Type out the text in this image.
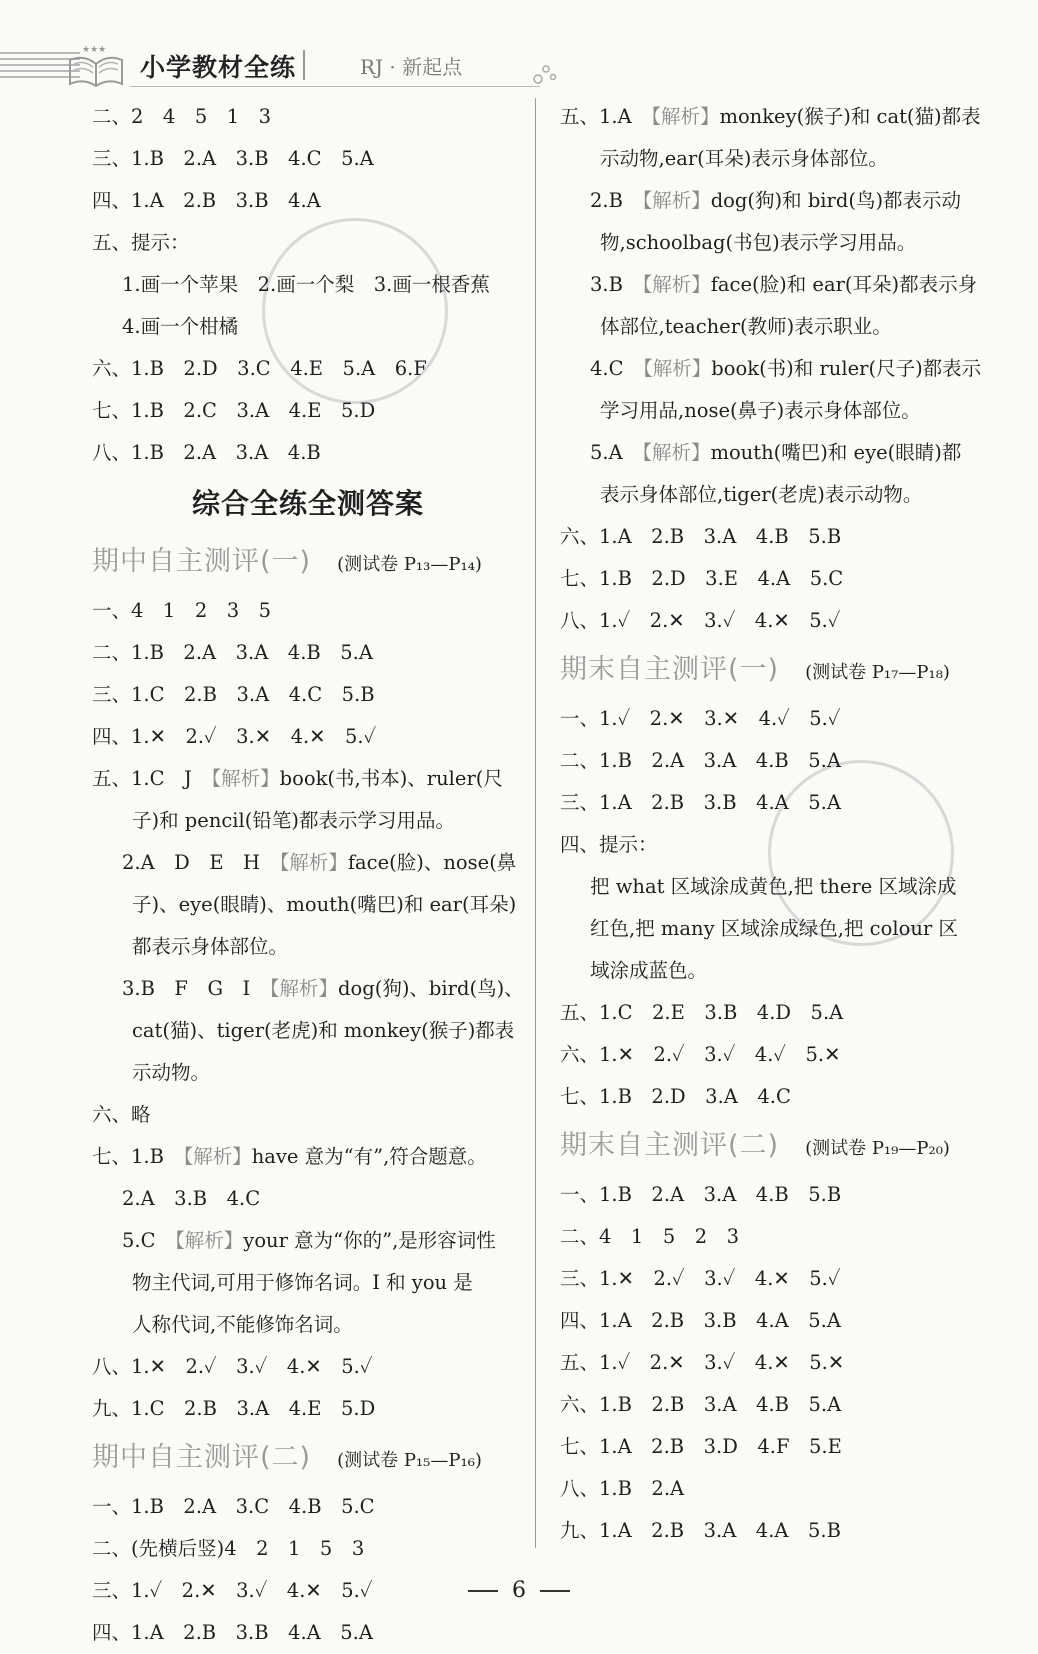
★★★
小学教材全练	RJ · 新起点
二、2　4　5　1　3
三、1.B　2.A　3.B　4.C　5.A
四、1.A　2.B　3.B　4.A
五、提示：
1.画一个苹果　2.画一个梨　3.画一根香蕉
4.画一个柑橘
六、1.B　2.D　3.C　4.E　5.A　6.F
七、1.B　2.C　3.A　4.E　5.D
八、1.B　2.A　3.A　4.B
综合全练全测答案
期中自主测评(一) (测试卷 P₁₃—P₁₄)
一、4　1　2　3　5
二、1.B　2.A　3.A　4.B　5.A
三、1.C　2.B　3.A　4.C　5.B
四、1.✕　2.✓　3.✕　4.✕　5.✓
五、1.C　J　【解析】book(书,书本)、ruler(尺
子)和 pencil(铅笔)都表示学习用品。
2.A　D　E　H　【解析】face(脸)、nose(鼻
子)、eye(眼睛)、mouth(嘴巴)和 ear(耳朵)
都表示身体部位。
3.B　F　G　I　【解析】dog(狗)、bird(鸟)、
cat(猫)、tiger(老虎)和 monkey(猴子)都表
示动物。
六、略
七、1.B　【解析】have 意为“有”,符合题意。
2.A　3.B　4.C
5.C　【解析】your 意为“你的”,是形容词性
物主代词,可用于修饰名词。I 和 you 是
人称代词,不能修饰名词。
八、1.✕　2.✓　3.✓　4.✕　5.✓
九、1.C　2.B　3.A　4.E　5.D
期中自主测评(二) (测试卷 P₁₅—P₁₆)
一、1.B　2.A　3.C　4.B　5.C
二、(先横后竖)4　2　1　5　3
三、1.✓　2.✕　3.✓　4.✕　5.✓
四、1.A　2.B　3.B　4.A　5.A
五、1.A　【解析】monkey(猴子)和 cat(猫)都表
示动物,ear(耳朵)表示身体部位。
2.B　【解析】dog(狗)和 bird(鸟)都表示动
物,schoolbag(书包)表示学习用品。
3.B　【解析】face(脸)和 ear(耳朵)都表示身
体部位,teacher(教师)表示职业。
4.C　【解析】book(书)和 ruler(尺子)都表示
学习用品,nose(鼻子)表示身体部位。
5.A　【解析】mouth(嘴巴)和 eye(眼睛)都
表示身体部位,tiger(老虎)表示动物。
六、1.A　2.B　3.A　4.B　5.B
七、1.B　2.D　3.E　4.A　5.C
八、1.✓　2.✕　3.✓　4.✕　5.✓
期末自主测评(一) (测试卷 P₁₇—P₁₈)
一、1.✓　2.✕　3.✕　4.✓　5.✓
二、1.B　2.A　3.A　4.B　5.A
三、1.A　2.B　3.B　4.A　5.A
四、提示：
把 what 区域涂成黄色,把 there 区域涂成
红色,把 many 区域涂成绿色,把 colour 区
域涂成蓝色。
五、1.C　2.E　3.B　4.D　5.A
六、1.✕　2.✓　3.✓　4.✓　5.✕
七、1.B　2.D　3.A　4.C
期末自主测评(二) (测试卷 P₁₉—P₂₀)
一、1.B　2.A　3.A　4.B　5.B
二、4　1　5　2　3
三、1.✕　2.✓　3.✓　4.✕　5.✓
四、1.A　2.B　3.B　4.A　5.A
五、1.✓　2.✕　3.✓　4.✕　5.✕
六、1.B　2.B　3.A　4.B　5.A
七、1.A　2.B　3.D　4.F　5.E
八、1.B　2.A
九、1.A　2.B　3.A　4.A　5.B
6
